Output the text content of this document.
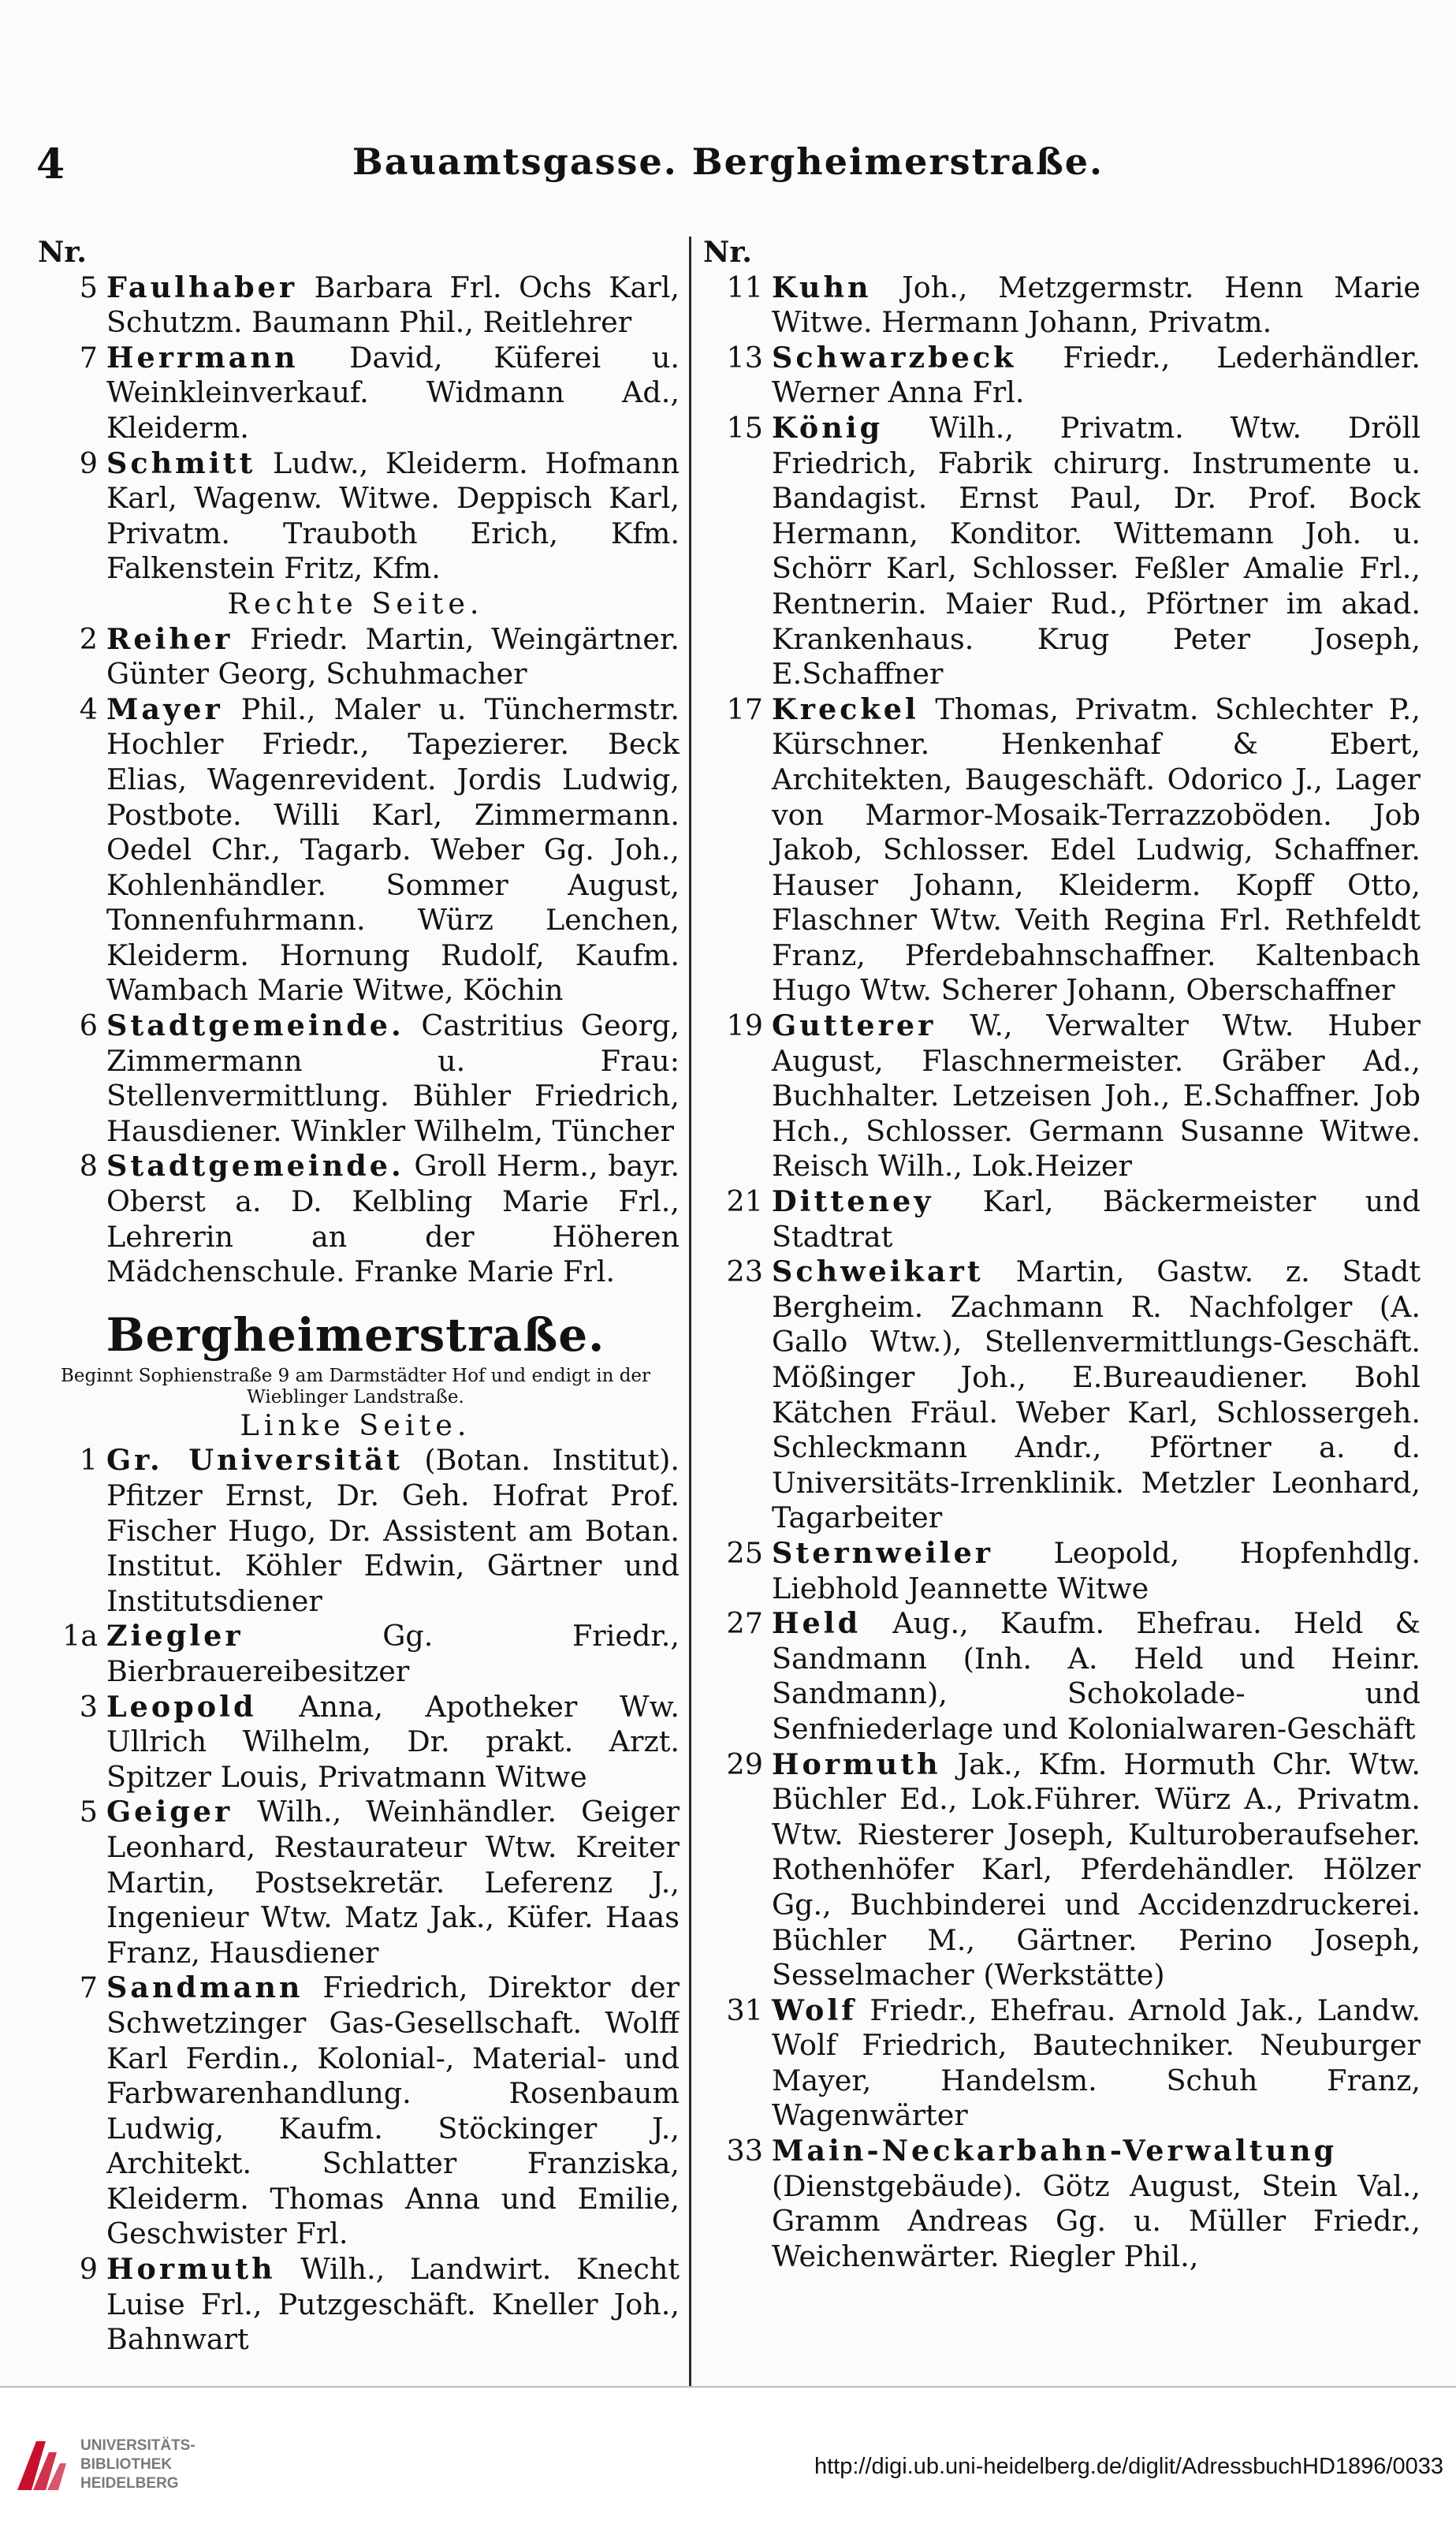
4	Bauamtsgasse. Bergheimerstraße.
Nr.
5 Faulhaber Barbara Frl. Ochs Karl, Schutzm. Baumann Phil., Reitlehrer
7 Herrmann David, Küferei u. Weinkleinverkauf. Widmann Ad., Kleiderm.
9 Schmitt Ludw., Kleiderm. Hofmann Karl, Wagenw. Witwe. Deppisch Karl, Privatm. Trauboth Erich, Kfm. Falkenstein Fritz, Kfm.
Rechte Seite.
2 Reiher Friedr. Martin, Weingärtner. Günter Georg, Schuhmacher
4 Mayer Phil., Maler u. Tünchermstr. Hochler Friedr., Tapezierer. Beck Elias, Wagenrevident. Jordis Ludwig, Postbote. Willi Karl, Zimmermann. Oedel Chr., Tagarb. Weber Gg. Joh., Kohlenhändler. Sommer August, Tonnenfuhrmann. Würz Lenchen, Kleiderm. Hornung Rudolf, Kaufm. Wambach Marie Witwe, Köchin
6 Stadtgemeinde. Castritius Georg, Zimmermann u. Frau: Stellenvermittlung. Bühler Friedrich, Hausdiener. Winkler Wilhelm, Tüncher
8 Stadtgemeinde. Groll Herm., bayr. Oberst a. D. Kelbling Marie Frl., Lehrerin an der Höheren Mädchenschule. Franke Marie Frl.
Bergheimerstraße.
Beginnt Sophienstraße 9 am Darmstädter Hof und endigt in der Wieblinger Landstraße.
Linke Seite.
1 Gr. Universität (Botan. Institut). Pfitzer Ernst, Dr. Geh. Hofrat Prof. Fischer Hugo, Dr. Assistent am Botan. Institut. Köhler Edwin, Gärtner und Institutsdiener
1a Ziegler	Gg. Friedr., Bierbrauereibesitzer
3 Leopold Anna, Apotheker Ww. Ullrich Wilhelm, Dr. prakt. Arzt. Spitzer Louis, Privatmann Witwe
5 Geiger Wilh., Weinhändler. Geiger Leonhard, Restaurateur Wtw. Kreiter Martin, Postsekretär. Leferenz J., Ingenieur Wtw. Matz Jak., Küfer. Haas Franz, Hausdiener
7 Sandmann Friedrich, Direktor der Schwetzinger Gas-Gesellschaft. Wolff Karl Ferdin., Kolonial-, Material- und Farbwarenhandlung. Rosenbaum Ludwig, Kaufm. Stöckinger J., Architekt. Schlatter Franziska, Kleiderm. Thomas Anna und Emilie, Geschwister Frl.
9 Hormuth Wilh., Landwirt. Knecht Luise Frl., Putzgeschäft. Kneller Joh., Bahnwart
Nr.
11 Kuhn Joh., Metzgermstr. Henn Marie Witwe. Hermann Johann, Privatm.
13 Schwarzbeck Friedr., Lederhändler. Werner Anna Frl.
15 König Wilh., Privatm. Wtw. Dröll Friedrich, Fabrik chirurg. Instrumente u. Bandagist. Ernst Paul, Dr. Prof. Bock Hermann, Konditor. Wittemann Joh. u. Schörr Karl, Schlosser. Feßler Amalie Frl., Rentnerin. Maier Rud., Pförtner im akad. Krankenhaus. Krug Peter Joseph, E.Schaffner
17 Kreckel Thomas, Privatm. Schlechter P., Kürschner. Henkenhaf & Ebert, Architekten, Baugeschäft. Odorico J., Lager von Marmor-Mosaik-Terrazzoböden. Job Jakob, Schlosser. Edel Ludwig, Schaffner. Hauser Johann, Kleiderm. Kopff Otto, Flaschner Wtw. Veith Regina Frl. Rethfeldt Franz, Pferdebahnschaffner. Kaltenbach Hugo Wtw. Scherer Johann, Oberschaffner
19 Gutterer W., Verwalter Wtw. Huber August, Flaschnermeister. Gräber Ad., Buchhalter. Letzeisen Joh., E.Schaffner. Job Hch., Schlosser. Germann Susanne Witwe. Reisch Wilh., Lok.Heizer
21 Ditteney Karl, Bäckermeister und Stadtrat
23 Schweikart Martin, Gastw. z. Stadt Bergheim. Zachmann R. Nachfolger (A. Gallo Wtw.), Stellenvermittlungs-Geschäft. Mößinger Joh., E.Bureaudiener. Bohl Kätchen Fräul. Weber Karl, Schlossergeh. Schleckmann Andr., Pförtner a. d. Universitäts-Irrenklinik. Metzler Leonhard, Tagarbeiter
25 Sternweiler Leopold, Hopfenhdlg. Liebhold Jeannette Witwe
27 Held Aug., Kaufm. Ehefrau. Held & Sandmann (Inh. A. Held und Heinr. Sandmann), Schokolade- und Senfniederlage und Kolonialwaren-Geschäft
29 Hormuth Jak., Kfm. Hormuth Chr. Wtw. Büchler Ed., Lok.Führer. Würz A., Privatm. Wtw. Riesterer Joseph, Kulturoberaufseher. Rothenhöfer Karl, Pferdehändler. Hölzer Gg., Buchbinderei und Accidenzdruckerei. Büchler M., Gärtner. Perino Joseph, Sesselmacher (Werkstätte)
31 Wolf Friedr., Ehefrau. Arnold Jak., Landw. Wolf Friedrich, Bautechniker. Neuburger Mayer, Handelsm. Schuh Franz, Wagenwärter
33 Main-Neckarbahn-Verwaltung (Dienstgebäude). Götz August, Stein Val., Gramm Andreas Gg. u. Müller Friedr., Weichenwärter. Riegler Phil.,
UNIVERSITÄTS-
BIBLIOTHEK
HEIDELBERG
http://digi.ub.uni-heidelberg.de/diglit/AdressbuchHD1896/0033
